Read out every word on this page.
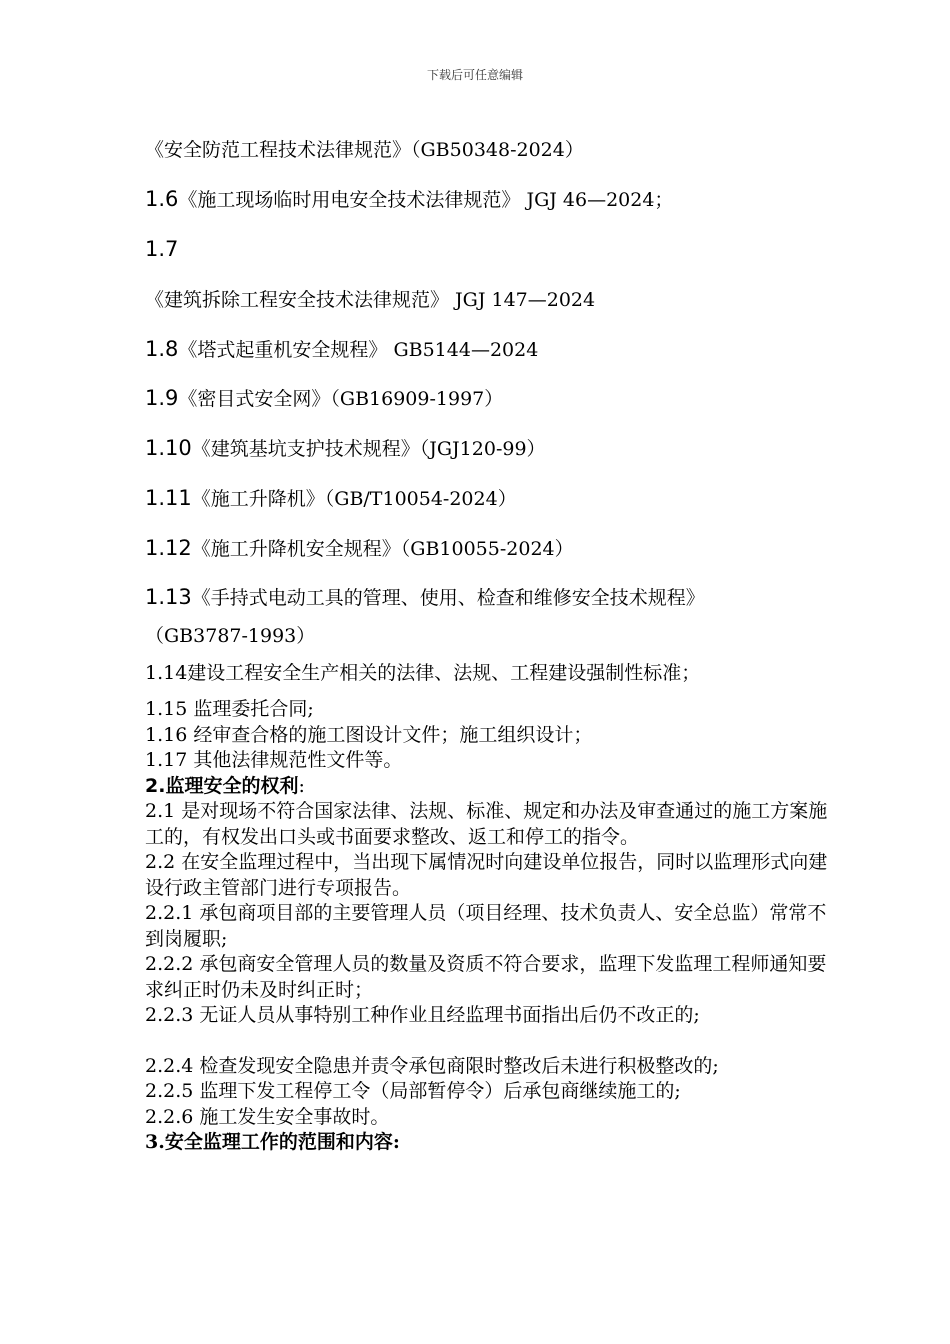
下载后可任意编辑
《安全防范工程技术法律规范》（GB50348-2024）
1.6《施工现场临时用电安全技术法律规范》 JGJ 46—2024；
1.7
《建筑拆除工程安全技术法律规范》 JGJ 147—2024
1.8《塔式起重机安全规程》 GB5144—2024
1.9《密目式安全网》（GB16909-1997）
1.10《建筑基坑支护技术规程》（JGJ120-99）
1.11《施工升降机》（GB/T10054-2024）
1.12《施工升降机安全规程》（GB10055-2024）
1.13《手持式电动工具的管理、使用、检查和维修安全技术规程》
（GB3787-1993）
1.14建设工程安全生产相关的法律、法规、工程建设强制性标准；

1.15 监理委托合同;

1.16 经审查合格的施工图设计文件；施工组织设计；

1.17 其他法律规范性文件等。

2.监理安全的权利:

2.1 是对现场不符合国家法律、法规、标准、规定和办法及审查通过的施工方案施工的，有权发出口头或书面要求整改、返工和停工的指令。

2.2 在安全监理过程中，当出现下属情况时向建设单位报告，同时以监理形式向建设行政主管部门进行专项报告。

2.2.1 承包商项目部的主要管理人员（项目经理、技术负责人、安全总监）常常不到岗履职;

2.2.2 承包商安全管理人员的数量及资质不符合要求，监理下发监理工程师通知要求纠正时仍未及时纠正时；

2.2.3 无证人员从事特别工种作业且经监理书面指出后仍不改正的;

2.2.4 检查发现安全隐患并责令承包商限时整改后未进行积极整改的;

2.2.5 监理下发工程停工令（局部暂停令）后承包商继续施工的;

2.2.6 施工发生安全事故时。

3.安全监理工作的范围和内容:
